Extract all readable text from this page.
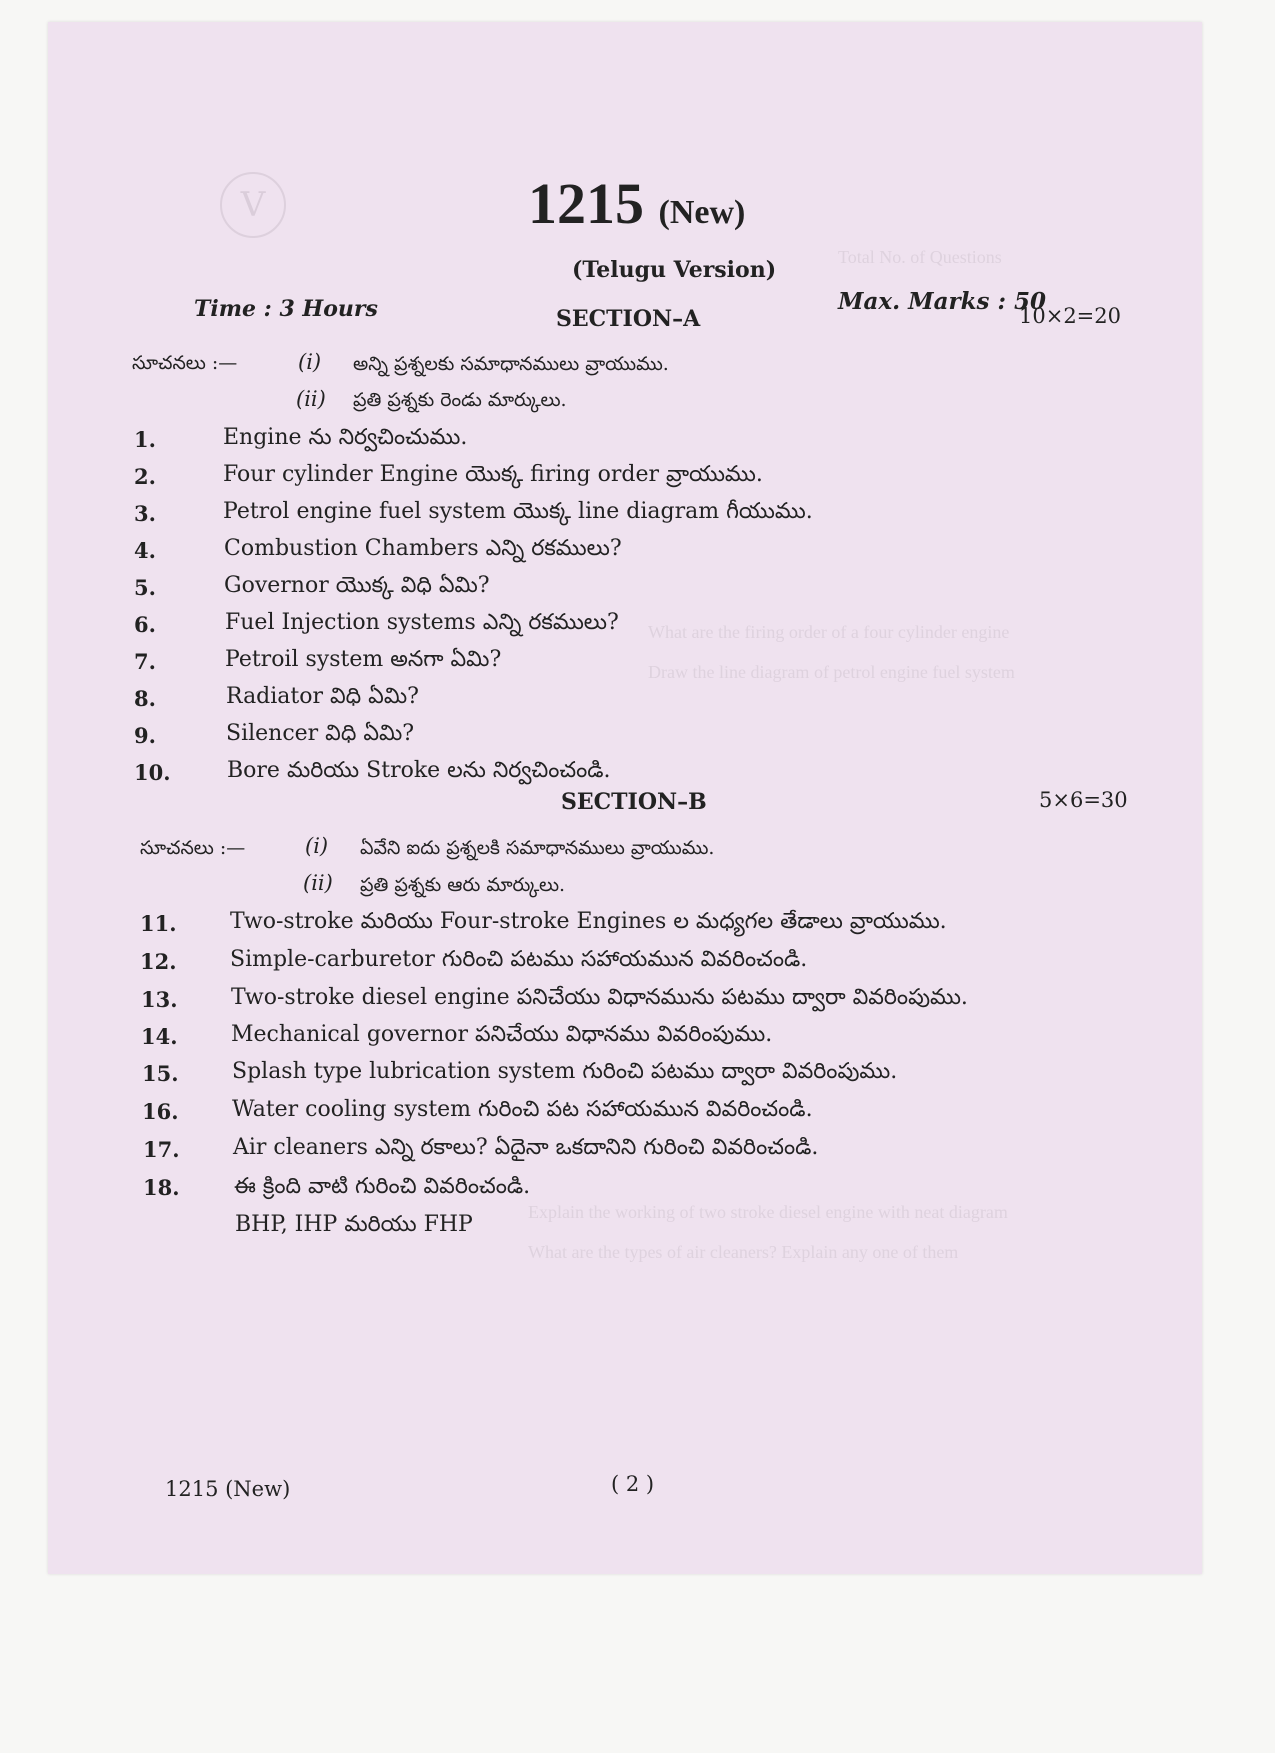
V
Total No. of Questions
What are the firing order of a four cylinder engine
Draw the line diagram of petrol engine fuel system
Explain the working of two stroke diesel engine with neat diagram
What are the types of air cleaners? Explain any one of them
1215 (New)
(Telugu Version)
Time : 3 Hours	Max. Marks : 50
SECTION–A	10×2=20
సూచనలు :—	(i) అన్ని ప్రశ్నలకు సమాధానములు వ్రాయుము.
(ii) ప్రతి ప్రశ్నకు రెండు మార్కులు.
1.	Engine ను నిర్వచించుము.
2.	Four cylinder Engine యొక్క firing order వ్రాయుము.
3.	Petrol engine fuel system యొక్క line diagram గీయుము.
4.	Combustion Chambers ఎన్ని రకములు?
5.	Governor యొక్క విధి ఏమి?
6.	Fuel Injection systems ఎన్ని రకములు?
7.	Petroil system అనగా ఏమి?
8.	Radiator విధి ఏమి?
9.	Silencer విధి ఏమి?
10.	Bore మరియు Stroke లను నిర్వచించండి.
SECTION–B	5×6=30
సూచనలు :—	(i) ఏవేని ఐదు ప్రశ్నలకి సమాధానములు వ్రాయుము.
(ii) ప్రతి ప్రశ్నకు ఆరు మార్కులు.
11. Two-stroke మరియు Four-stroke Engines ల మధ్యగల తేడాలు వ్రాయుము.
12. Simple-carburetor గురించి పటము సహాయమున వివరించండి.
13. Two-stroke diesel engine పనిచేయు విధానమును పటము ద్వారా వివరింపుము.
14. Mechanical governor పనిచేయు విధానము వివరింపుము.
15. Splash type lubrication system గురించి పటము ద్వారా వివరింపుము.
16. Water cooling system గురించి పట సహాయమున వివరించండి.
17. Air cleaners ఎన్ని రకాలు? ఏదైనా ఒకదానిని గురించి వివరించండి.
18. ఈ క్రింది వాటి గురించి వివరించండి.
BHP, IHP మరియు FHP
1215 (New)	( 2 )
